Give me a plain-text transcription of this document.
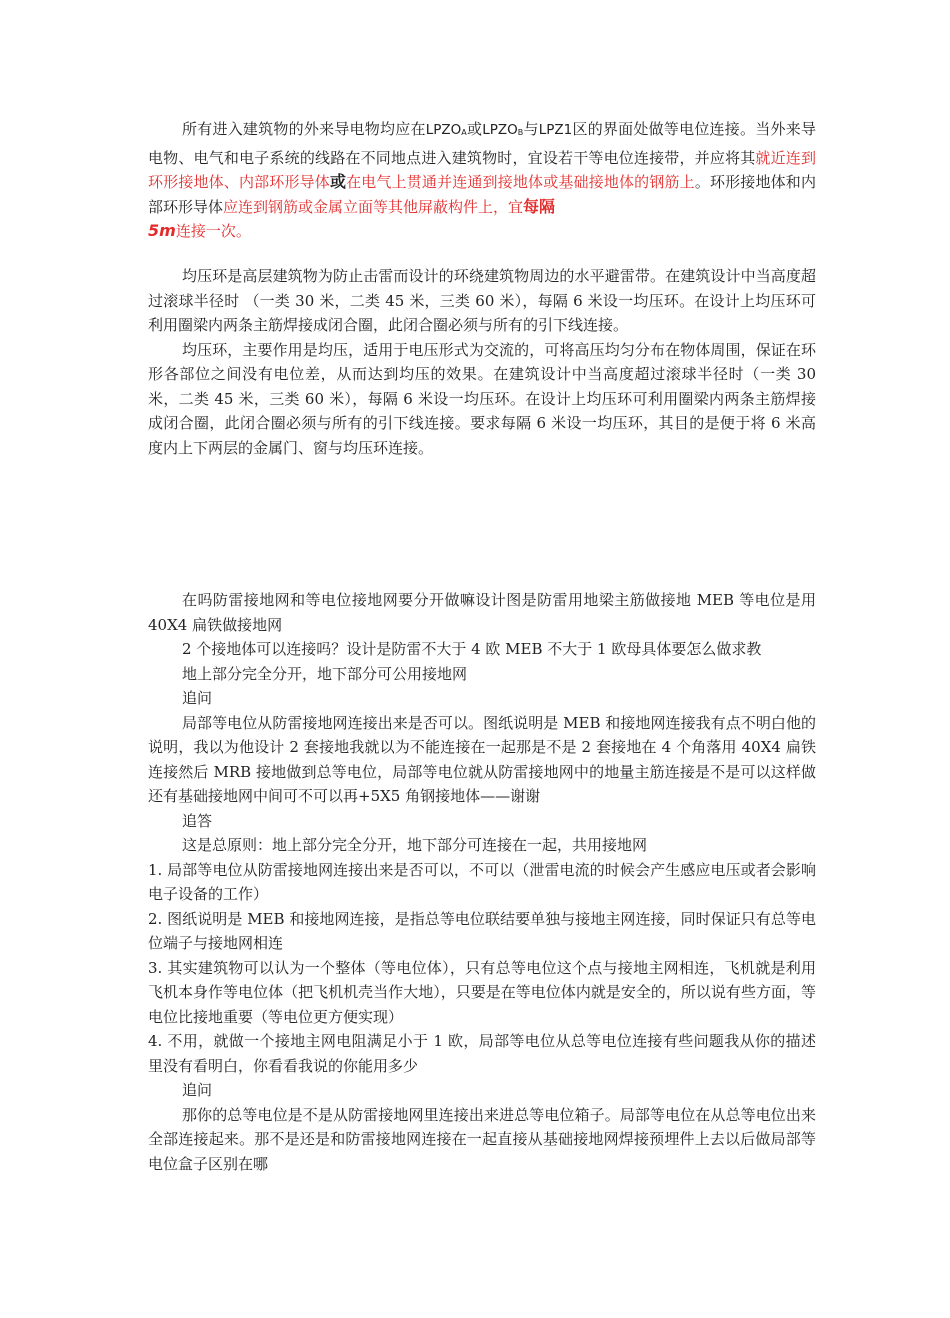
所有进入建筑物的外来导电物均应在$LPZO_A$或$LPZO_B$与LPZ1区的界面处做等电位连接。当外来导电物、电气和电子系统的线路在不同地点进入建筑物时，宜设若干等电位连接带，并应将其就近连到环形接地体、内部环形导体或在电气上贯通并连通到接地体或基础接地体的钢筋上。环形接地体和内部环形导体应连到钢筋或金属立面等其他屏蔽构件上，宜每隔
5m连接一次。

均压环是高层建筑物为防止击雷而设计的环绕建筑物周边的水平避雷带。在建筑设计中当高度超过滚球半径时 （一类 30 米，二类 45 米，三类 60 米），每隔 6 米设一均压环。在设计上均压环可利用圈梁内两条主筋焊接成闭合圈，此闭合圈必须与所有的引下线连接。

均压环，主要作用是均压，适用于电压形式为交流的，可将高压均匀分布在物体周围，保证在环形各部位之间没有电位差，从而达到均压的效果。在建筑设计中当高度超过滚球半径时（一类 30 米，二类 45 米，三类 60 米），每隔 6 米设一均压环。在设计上均压环可利用圈梁内两条主筋焊接成闭合圈，此闭合圈必须与所有的引下线连接。要求每隔 6 米设一均压环，其目的是便于将 6 米高度内上下两层的金属门、窗与均压环连接。

在吗防雷接地网和等电位接地网要分开做嘛设计图是防雷用地梁主筋做接地 MEB 等电位是用 40X4 扁铁做接地网

2 个接地体可以连接吗？设计是防雷不大于 4 欧 MEB 不大于 1 欧母具体要怎么做求教

地上部分完全分开，地下部分可公用接地网

追问

局部等电位从防雷接地网连接出来是否可以。图纸说明是 MEB 和接地网连接我有点不明白他的说明，我以为他设计 2 套接地我就以为不能连接在一起那是不是 2 套接地在 4 个角落用 40X4 扁铁连接然后 MRB 接地做到总等电位，局部等电位就从防雷接地网中的地量主筋连接是不是可以这样做还有基础接地网中间可不可以再+5X5 角钢接地体——谢谢

追答

这是总原则：地上部分完全分开，地下部分可连接在一起，共用接地网

1. 局部等电位从防雷接地网连接出来是否可以，不可以（泄雷电流的时候会产生感应电压或者会影响电子设备的工作）

2. 图纸说明是 MEB 和接地网连接，是指总等电位联结要单独与接地主网连接，同时保证只有总等电位端子与接地网相连

3. 其实建筑物可以认为一个整体（等电位体），只有总等电位这个点与接地主网相连，飞机就是利用飞机本身作等电位体（把飞机机壳当作大地），只要是在等电位体内就是安全的，所以说有些方面，等电位比接地重要（等电位更方便实现）

4. 不用，就做一个接地主网电阻满足小于 1 欧，局部等电位从总等电位连接有些问题我从你的描述里没有看明白，你看看我说的你能用多少

追问

那你的总等电位是不是从防雷接地网里连接出来进总等电位箱子。局部等电位在从总等电位出来全部连接起来。那不是还是和防雷接地网连接在一起直接从基础接地网焊接预埋件上去以后做局部等电位盒子区别在哪
